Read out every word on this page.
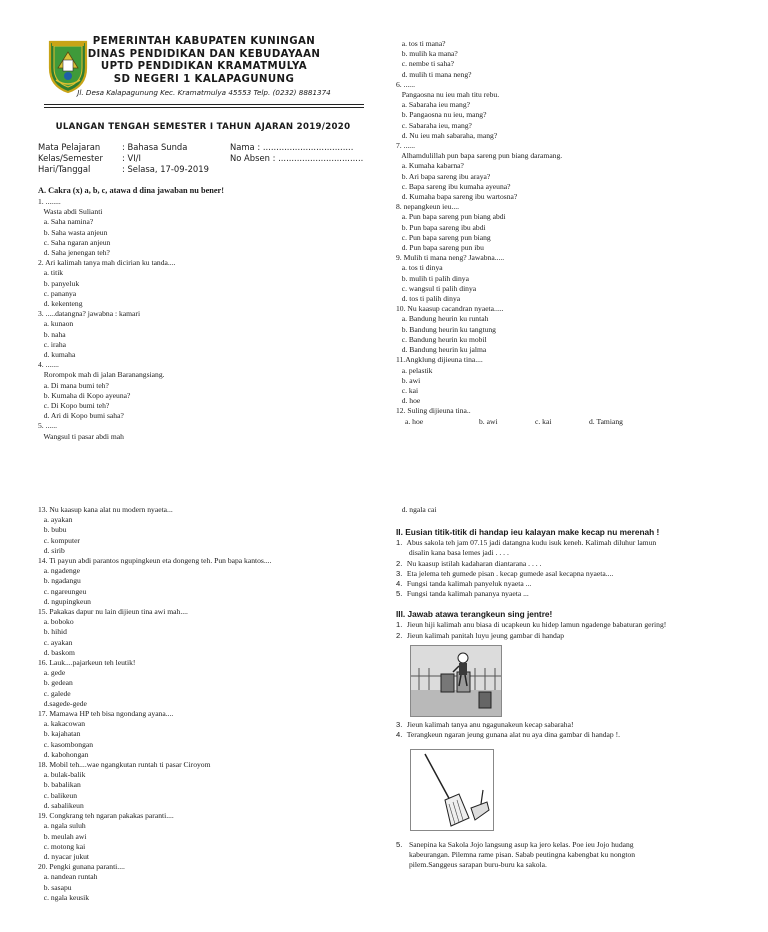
PEMERINTAH KABUPATEN KUNINGAN
DINAS PENDIDIKAN DAN KEBUDAYAAN
UPTD PENDIDIKAN KRAMATMULYA
SD NEGERI 1 KALAPAGUNUNG
Jl. Desa Kalapagunung Kec. Kramatmulya 45553 Telp. (0232) 8881374
ULANGAN TENGAH SEMESTER I TAHUN AJARAN 2019/2020
Mata Pelajaran	: Bahasa Sunda
Kelas/Semester : VI/I
Hari/Tanggal	: Selasa, 17-09-2019
Nama : ..................................
No Absen : ................................
A. Cakra (x) a, b, c, atawa d dina jawaban nu bener!
1. ........
Wasta abdi Sulianti
a. Saha namina?
b. Saha wasta anjeun
c. Saha ngaran anjeun
d. Saha jenengan teh?
2. Ari kalimah tanya mah dicirian ku tanda....
a. titik
b. panyeluk
c. pananya
d. kekenteng
3. .....datangna? jawabna : kamari
a. kunaon
b. naha
c. iraha
d. kumaha
4. .......
Rorompok mah di jalan Baranangsiang.
a. Di mana bumi teh?
b. Kumaha di Kopo ayeuna?
c. Di Kopo bumi teh?
d. Ari di Kopo bumi saha?
5. ......
Wangsul ti pasar abdi mah
a. tos ti mana?
b. mulih ka mana?
c. nembe ti saha?
d. mulih ti mana neng?
6. ......
Pangaosna nu ieu mah titu rebu.
a. Sabaraha ieu mang?
b. Pangaosna nu ieu, mang?
c. Sabaraha ieu, mang?
d. Nu ieu mah sabaraha, mang?
7. ......
Alhamdulillah pun bapa sareng pun biang daramang.
a. Kumaha kabarna?
b. Ari bapa sareng ibu araya?
c. Bapa sareng ibu kumaha ayeuna?
d. Kumaha bapa sareng ibu wartosna?
8. nepangkeun ieu....
a. Pun bapa sareng pun biang abdi
b. Pun bapa sareng ibu abdi
c. Pun bapa sareng pun biang
d. Pun bapa sareng pun ibu
9. Mulih ti mana neng? Jawabna.....
a. tos ti dinya
b. mulih ti palih dinya
c. wangsul ti palih dinya
d. tos ti palih dinya
10. Nu kaasup cacandran nyaeta.....
a. Bandung heurin ku runtah
b. Bandung heurin ku tangtung
c. Bandung heurin ku mobil
d. Bandung heurin ku jalma
11.Angklung dijieuna tina....
a. pelastik
b. awi
c. kai
d. hoe
12. Suling dijieuna tina..
a. hoe	b. awi	c. kai	d. Tamiang
13. Nu kaasup kana alat nu modern nyaeta...
a. ayakan
b. bubu
c. komputer
d. sirib
14. Ti payun abdi parantos ngupingkeun eta dongeng teh. Pun bapa kantos....
a. ngadenge
b. ngadangu
c. ngareungeu
d. ngupingkeun
15. Pakakas dapur nu lain dijieun tina awi mah....
a. boboko
b. hihid
c. ayakan
d. baskom
16. Lauk....pajarkeun teh leutik!
a. gede
b. gedean
c. galede
d.sagede-gede
17. Mamawa HP teh bisa ngondang ayana....
a. kakacowan
b. kajahatan
c. kasombongan
d. kabohongan
18. Mobil teh....wae ngangkutan runtah ti pasar Ciroyom
a. bulak-balik
b. babalikan
c. balikeun
d. sabalikeun
19. Congkrang teh ngaran pakakas paranti....
a. ngala suluh
b. meulah awi
c. motong kai
d. nyacar jukut
20. Pengki gunana paranti....
a. nandean runtah
b. sasapu
c. ngala keusik
d. ngala cai
II. Eusian titik-titik di handap ieu kalayan make kecap nu merenah !
1. Abus sakola teh jam 07.15 jadi datangna kudu isuk keneh. Kalimah diluhur lamun
disalin kana basa lemes jadi . . . .
2. Nu kaasup istilah kadaharan diantarana . . . .
3. Eta jelema teh gumede pisan . kecap gumede asal kecapna nyaeta....
4. Fungsi tanda kalimah panyeluk nyaeta ...
5. Fungsi tanda kalimah pananya nyaeta ...
III. Jawab atawa terangkeun sing jentre!
1. Jieun hiji kalimah anu biasa di ucapkeun ku hidep lamun ngadenge babaturan gering!
2. Jieun kalimah panitah luyu jeung gambar di handap
3. Jieun kalimah tanya anu ngagunakeun kecap sabaraha!
4. Terangkeun ngaran jeung gunana alat nu aya dina gambar di handap !.
5. Sanepina ka Sakola Jojo langsung asup ka jero kelas. Poe ieu Jojo hudang
kabeurangan. Pilemna rame pisan. Sabab peutingna kabengbat ku nongton
pilem.Sanggeus sarapan buru-buru ka sakola.
